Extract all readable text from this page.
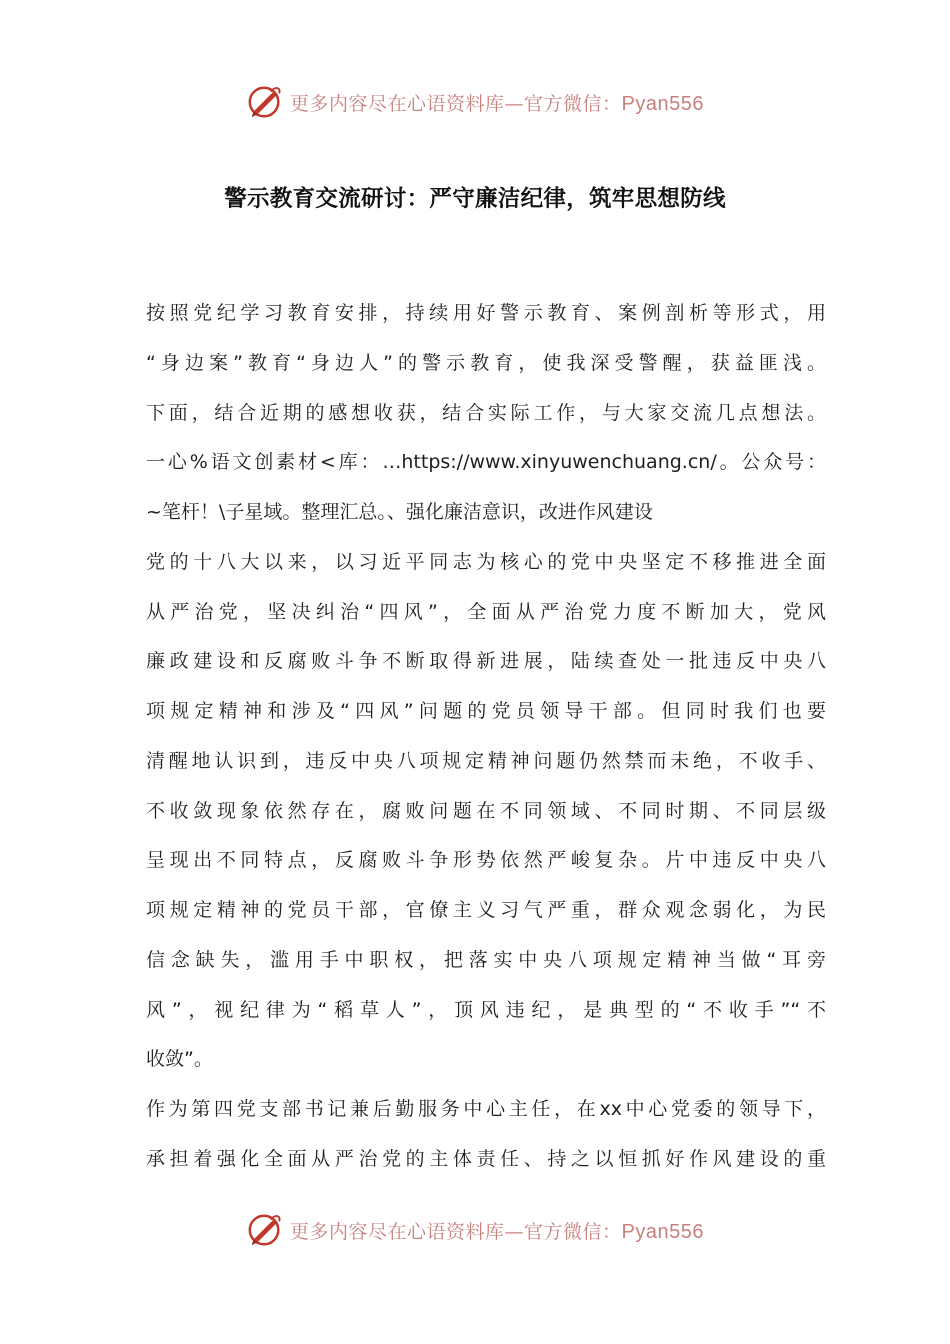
更多内容尽在心语资料库—官方微信：Pyan556
警示教育交流研讨：严守廉洁纪律，筑牢思想防线
按照党纪学习教育安排，持续用好警示教育、案例剖析等形式，用
“身边案”教育“身边人”的警示教育，使我深受警醒，获益匪浅。
下面，结合近期的感想收获，结合实际工作，与大家交流几点想法。
一心%语文创素材<库：…https://www.xinyuwenchuang.cn/。公众号：
~笔杆！\子星域。整理汇总。、强化廉洁意识，改进作风建设
党的十八大以来，以习近平同志为核心的党中央坚定不移推进全面
从严治党，坚决纠治“四风”，全面从严治党力度不断加大，党风
廉政建设和反腐败斗争不断取得新进展，陆续查处一批违反中央八
项规定精神和涉及“四风”问题的党员领导干部。但同时我们也要
清醒地认识到，违反中央八项规定精神问题仍然禁而未绝，不收手、
不收敛现象依然存在，腐败问题在不同领域、不同时期、不同层级
呈现出不同特点，反腐败斗争形势依然严峻复杂。片中违反中央八
项规定精神的党员干部，官僚主义习气严重，群众观念弱化，为民
信念缺失，滥用手中职权，把落实中央八项规定精神当做“耳旁
风”，视纪律为“稻草人”，顶风违纪，是典型的“不收手”“不
收敛”。
作为第四党支部书记兼后勤服务中心主任，在xx中心党委的领导下，
承担着强化全面从严治党的主体责任、持之以恒抓好作风建设的重
更多内容尽在心语资料库—官方微信：Pyan556
